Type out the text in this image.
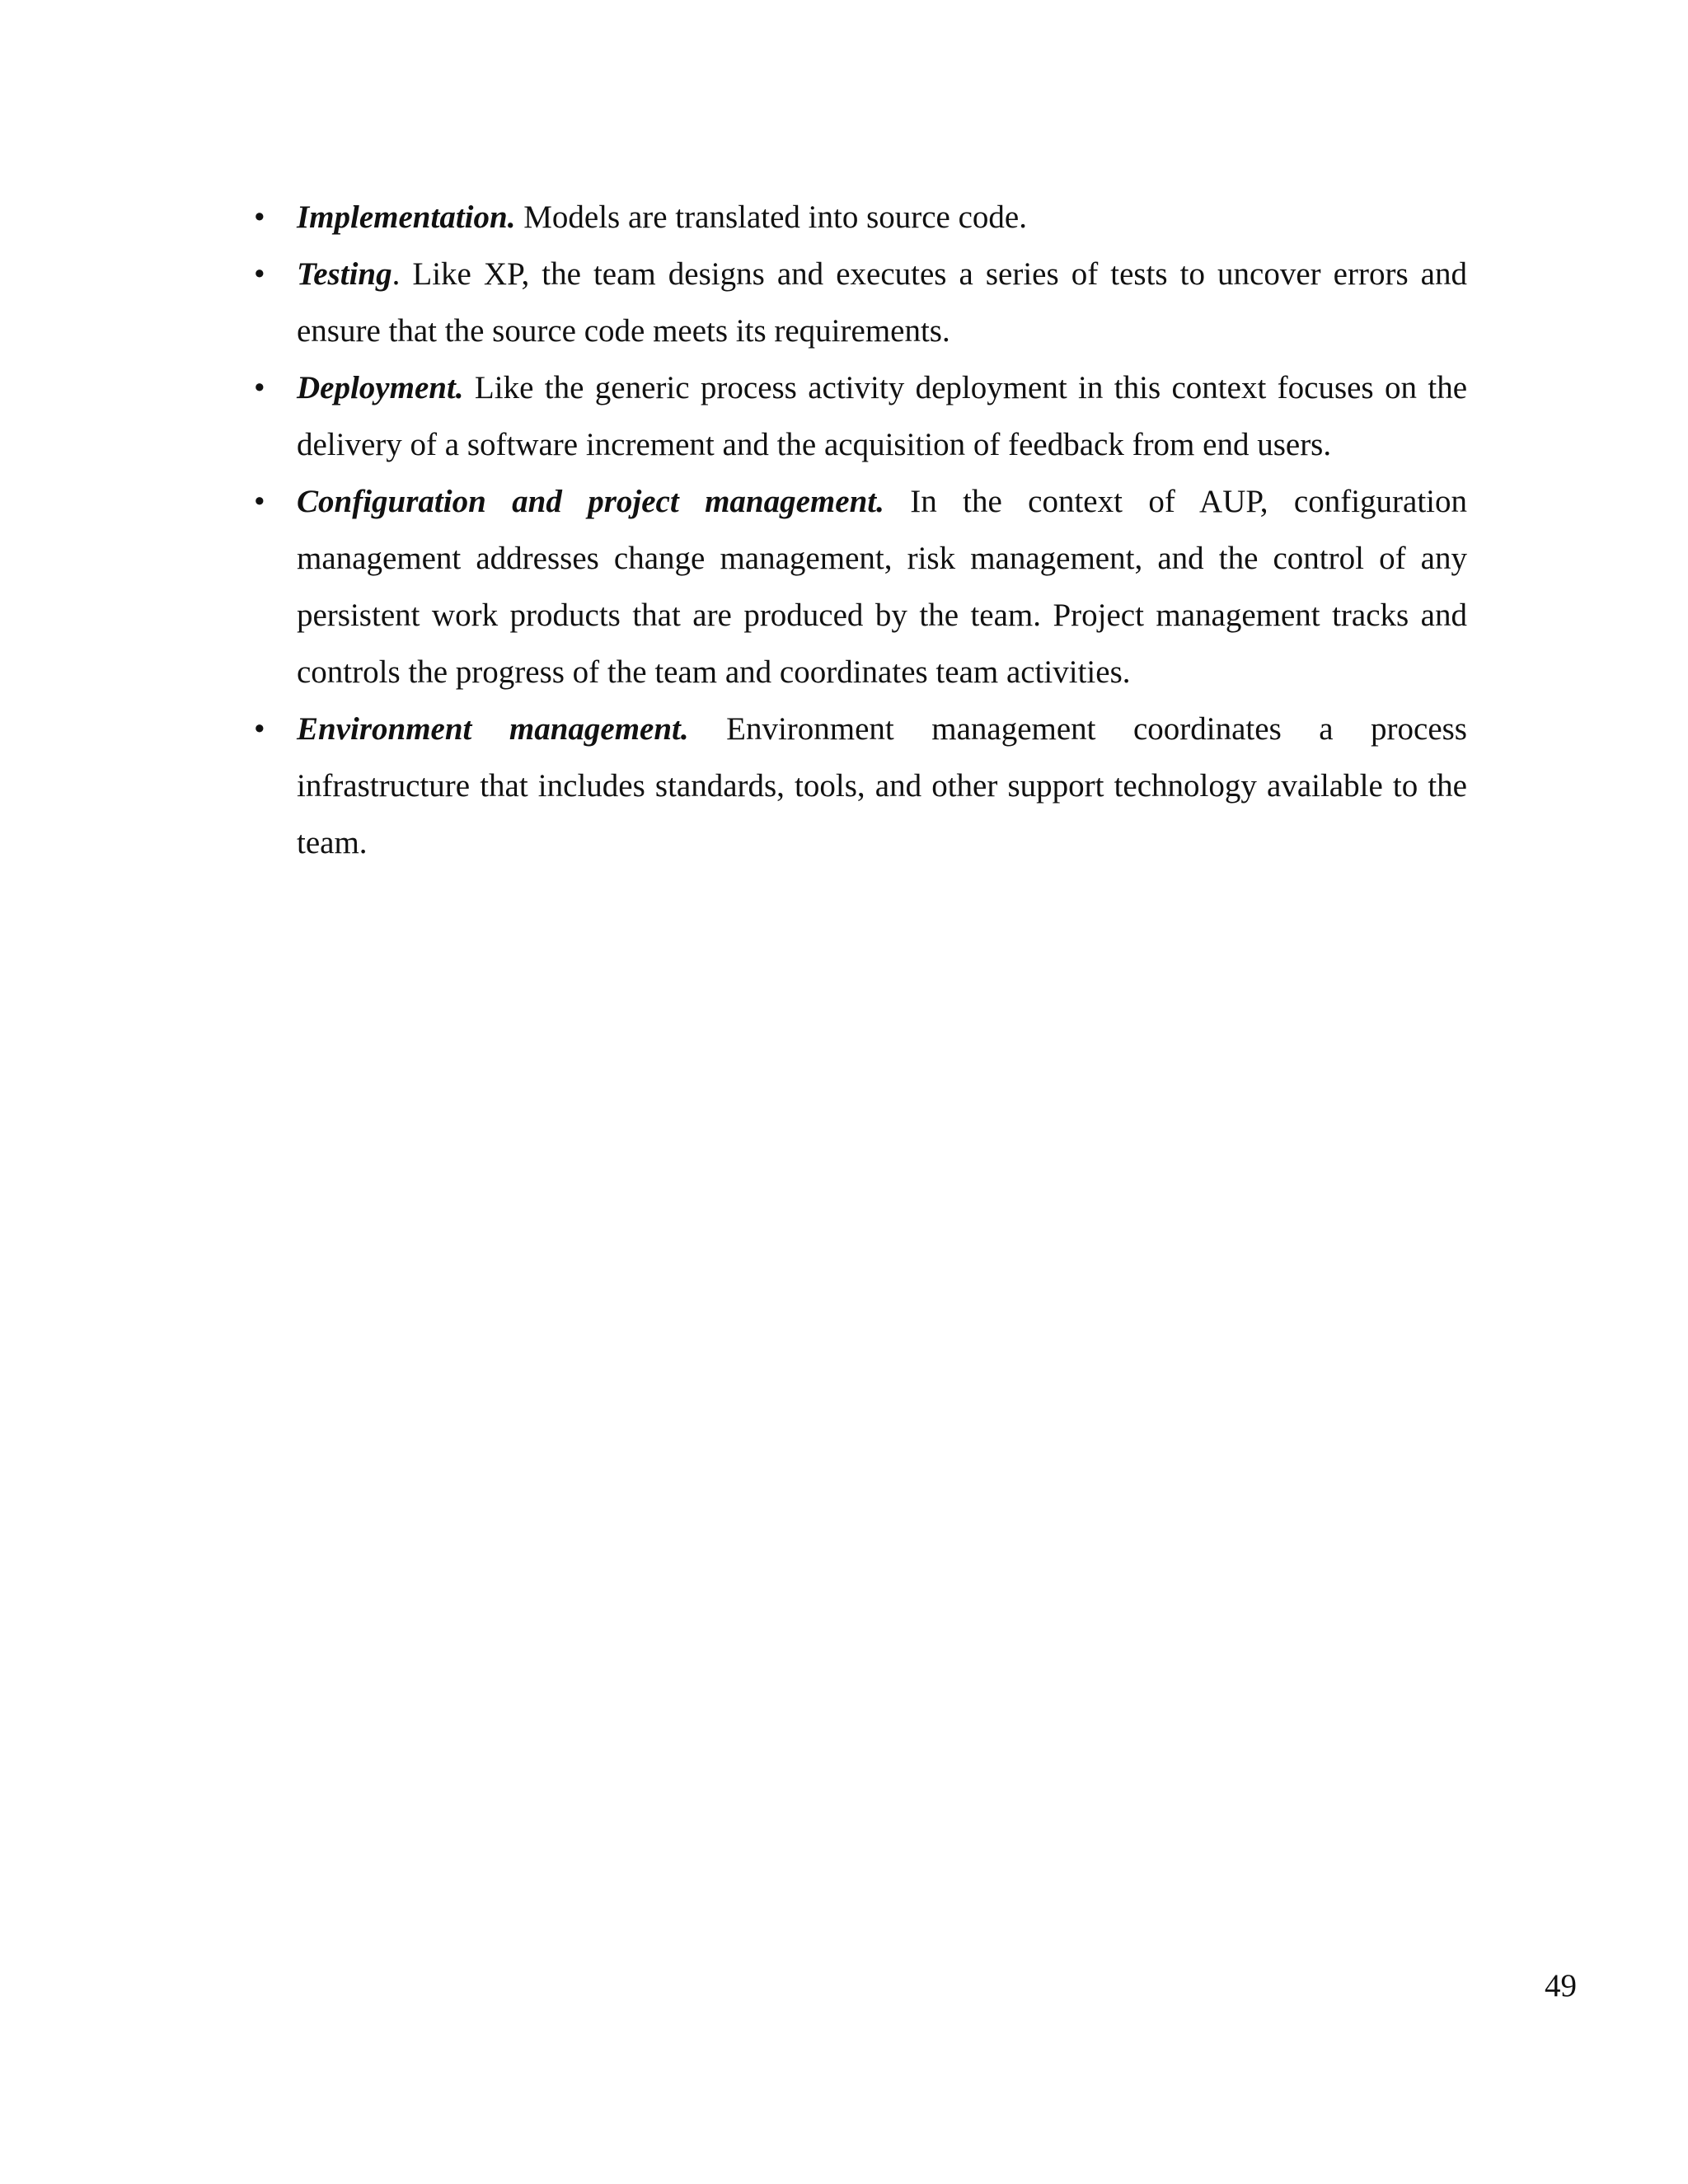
• Implementation. Models are translated into source code.
• Testing. Like XP, the team designs and executes a series of tests to uncover errors and ensure that the source code meets its requirements.
• Deployment. Like the generic process activity deployment in this context focuses on the delivery of a software increment and the acquisition of feedback from end users.
• Configuration and project management. In the context of AUP, configuration management addresses change management, risk management, and the control of any persistent work products that are produced by the team. Project management tracks and controls the progress of the team and coordinates team activities.
• Environment management. Environment management coordinates a process infrastructure that includes standards, tools, and other support technology available to the team.
49
